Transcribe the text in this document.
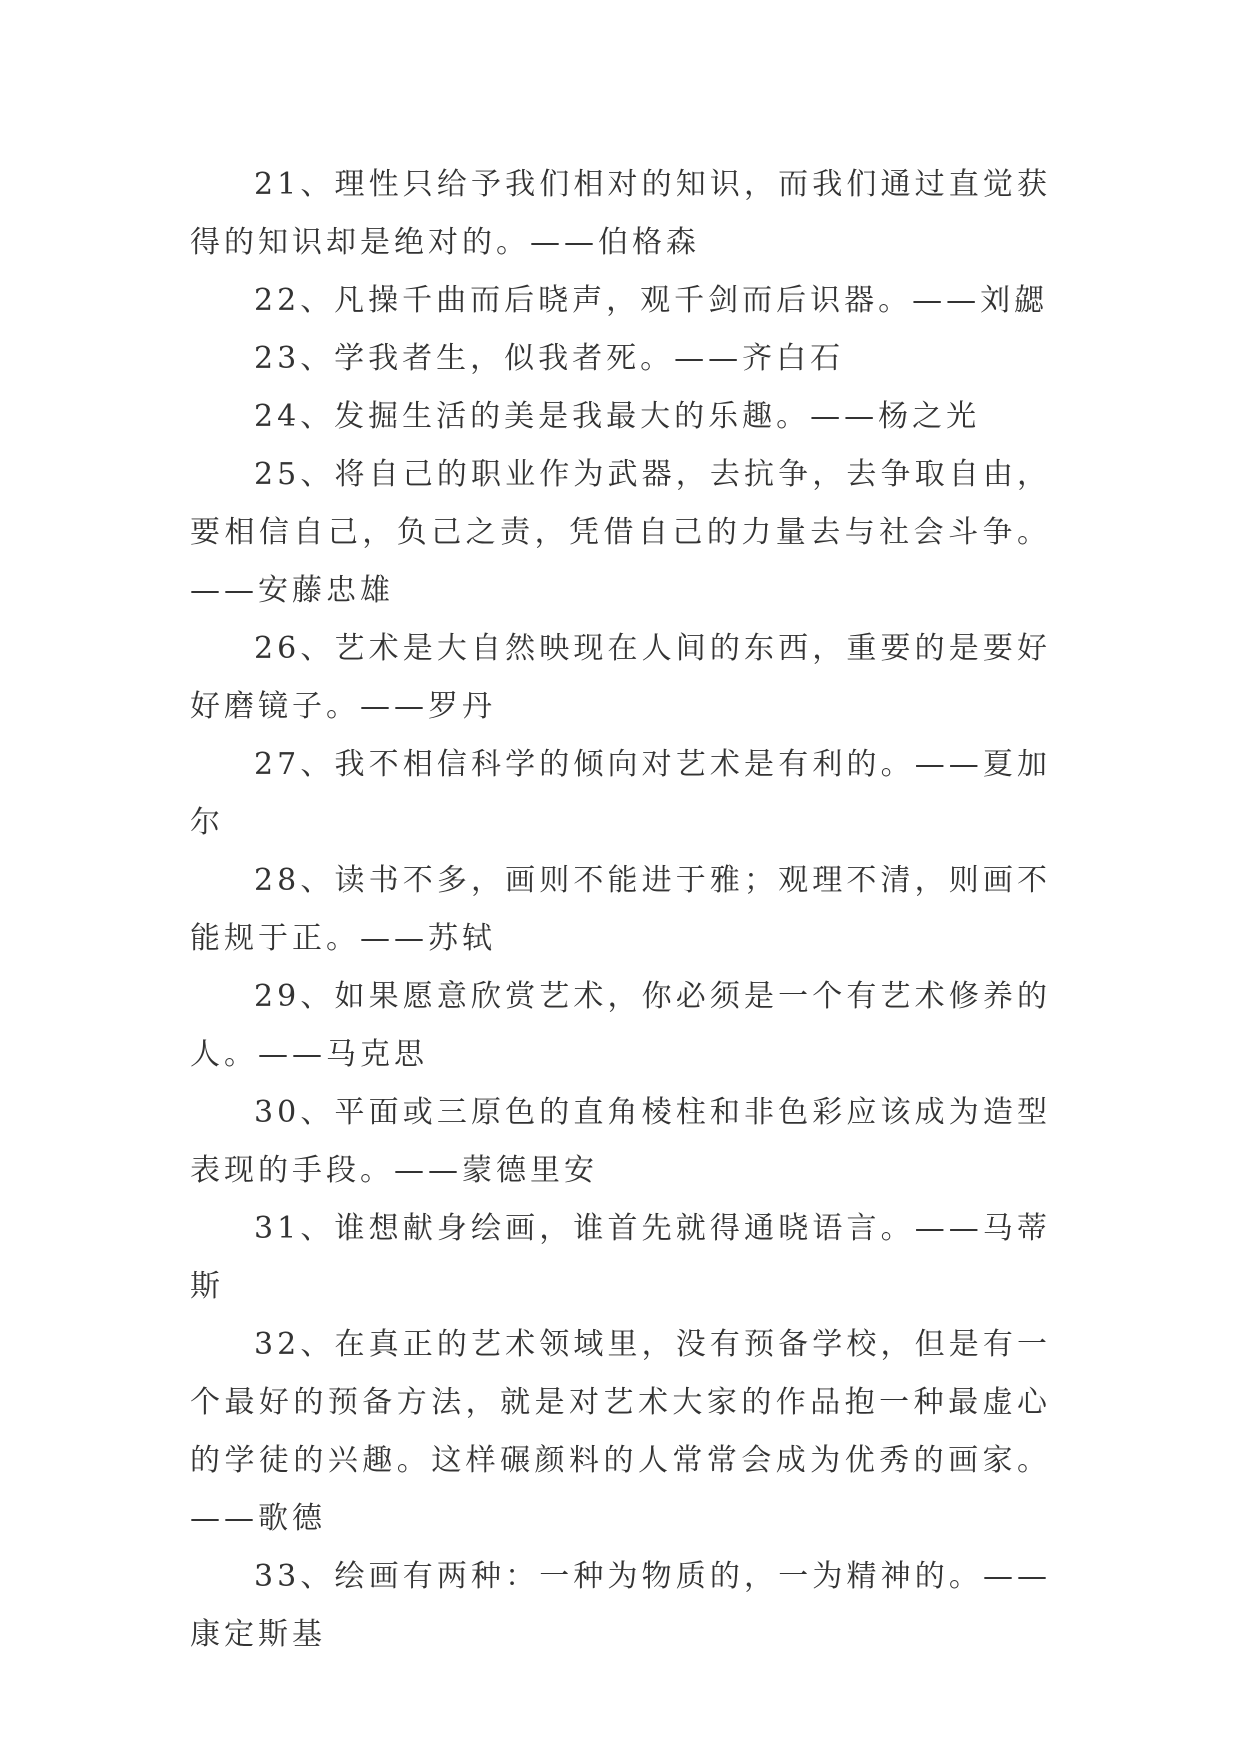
21、理性只给予我们相对的知识，而我们通过直觉获得的知识却是绝对的。——伯格森

22、凡操千曲而后晓声，观千剑而后识器。——刘勰

23、学我者生，似我者死。——齐白石

24、发掘生活的美是我最大的乐趣。——杨之光

25、将自己的职业作为武器，去抗争，去争取自由，要相信自己，负己之责，凭借自己的力量去与社会斗争。——安藤忠雄

26、艺术是大自然映现在人间的东西，重要的是要好好磨镜子。——罗丹

27、我不相信科学的倾向对艺术是有利的。——夏加尔

28、读书不多，画则不能进于雅；观理不清，则画不能规于正。——苏轼

29、如果愿意欣赏艺术，你必须是一个有艺术修养的人。——马克思

30、平面或三原色的直角棱柱和非色彩应该成为造型表现的手段。——蒙德里安

31、谁想献身绘画，谁首先就得通晓语言。——马蒂斯

32、在真正的艺术领域里，没有预备学校，但是有一个最好的预备方法，就是对艺术大家的作品抱一种最虚心的学徒的兴趣。这样碾颜料的人常常会成为优秀的画家。——歌德

33、绘画有两种：一种为物质的，一为精神的。——康定斯基
